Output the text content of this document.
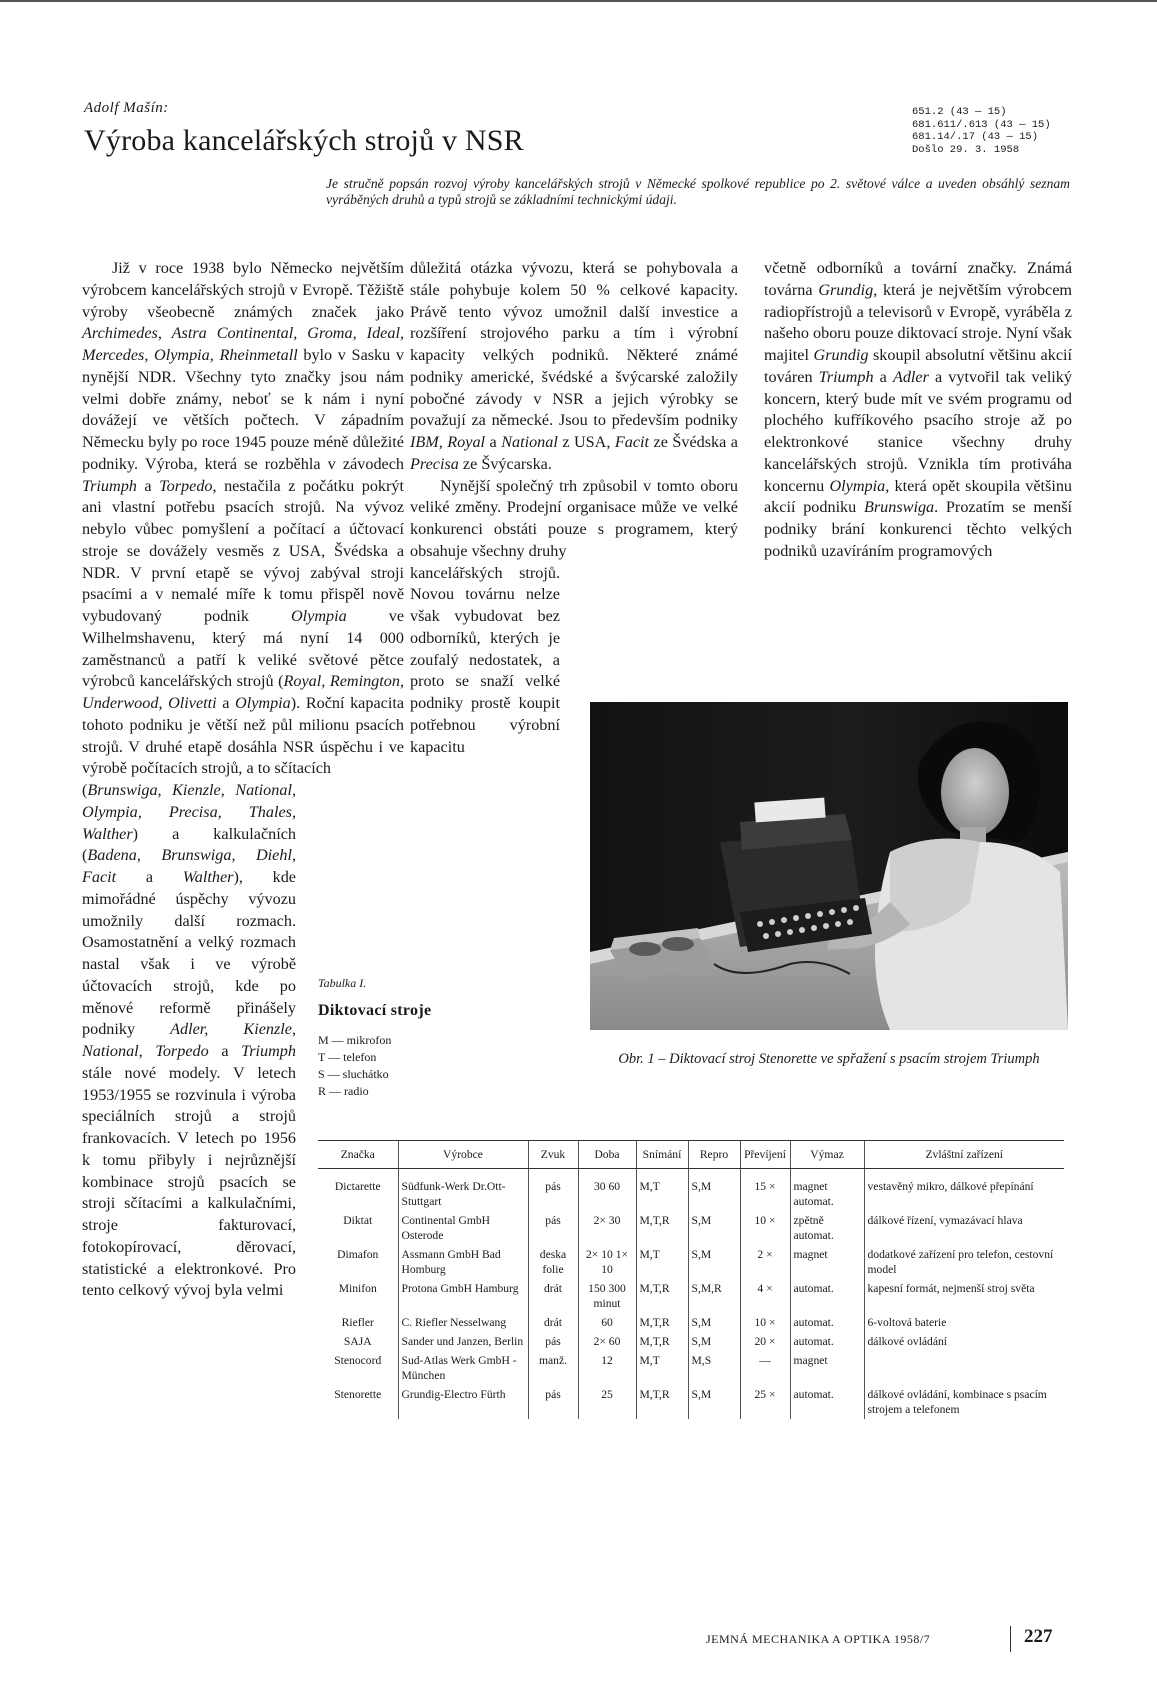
Adolf Mašín:
Výroba kancelářských strojů v NSR
651.2 (43 — 15)
681.611/.613 (43 — 15)
681.14/.17 (43 — 15)
Došlo 29. 3. 1958
Je stručně popsán rozvoj výroby kancelářských strojů v Německé spolkové republice po 2. světové válce a uveden obsáhlý seznam vyráběných druhů a typů strojů se základními technickými údaji.

Již v roce 1938 bylo Německo největším výrobcem kancelářských strojů v Evropě. Těžiště výroby všeobecně známých značek jako Archimedes, Astra Continental, Groma, Ideal, Mercedes, Olympia, Rheinmetall bylo v Sasku v nynější NDR. Všechny tyto značky jsou nám velmi dobře známy, neboť se k nám i nyní dovážejí ve větších počtech. V západním Německu byly po roce 1945 pouze méně důležité podniky. Výroba, která se rozběhla v závodech Triumph a Torpedo, nestačila z počátku pokrýt ani vlastní potřebu psacích strojů. Na vývoz nebylo vůbec pomyšlení a počítací a účtovací stroje se dovážely vesměs z USA, Švédska a NDR. V první etapě se vývoj zabýval stroji psacími a v nemalé míře k tomu přispěl nově vybudovaný podnik Olympia ve Wilhelmshavenu, který má nyní 14 000 zaměstnanců a patří k veliké světové pětce výrobců kancelářských strojů (Royal, Remington, Underwood, Olivetti a Olympia). Roční kapacita tohoto podniku je větší než půl milionu psacích strojů. V druhé etapě dosáhla NSR úspěchu i ve výrobě počítacích strojů, a to sčítacích

(Brunswiga, Kienzle, National, Olympia, Precisa, Thales, Walther) a kalkulačních (Badena, Brunswiga, Diehl, Facit a Walther), kde mimořádné úspěchy vývozu umožnily další rozmach. Osamostatnění a velký rozmach nastal však i ve výrobě účtovacích strojů, kde po měnové reformě přinášely podniky Adler, Kienzle, National, Torpedo a Triumph stále nové modely. V letech 1953/1955 se rozvinula i výroba speciálních strojů a strojů frankovacích. V letech po 1956 k tomu přibyly i nejrůznější kombinace strojů psacích se stroji sčítacími a kalkulačními, stroje fakturovací, fotokopírovací, děrovací, statistické a elektronkové. Pro tento celkový vývoj byla velmi

důležitá otázka vývozu, která se pohybovala a stále pohybuje kolem 50 % celkové kapacity. Právě tento vývoz umožnil další investice a rozšíření strojového parku a tím i výrobní kapacity velkých podniků. Některé známé podniky americké, švédské a švýcarské založily pobočné závody v NSR a jejich výrobky se považují za německé. Jsou to především podniky IBM, Royal a National z USA, Facit ze Švédska a Precisa ze Švýcarska.

Nynější společný trh způsobil v tomto oboru veliké změny. Prodejní organisace může ve velké konkurenci obstáti pouze s programem, který obsahuje všechny druhy

kancelářských strojů. Novou továrnu nelze však vybudovat bez odborníků, kterých je zoufalý nedostatek, a proto se snaží velké podniky prostě koupit potřebnou výrobní kapacitu

včetně odborníků a tovární značky. Známá továrna Grundig, která je největším výrobcem radiopřístrojů a televisorů v Evropě, vyráběla z našeho oboru pouze diktovací stroje. Nyní však majitel Grundig skoupil absolutní většinu akcií továren Triumph a Adler a vytvořil tak veliký koncern, který bude mít ve svém programu od plochého kufříkového psacího stroje až po elektronkové stanice všechny druhy kancelářských strojů. Vznikla tím protiváha koncernu Olympia, která opět skoupila většinu akcií podniku Brunswiga. Prozatím se menší podniky brání konkurenci těchto velkých podniků uzavíráním programových

Obr. 1 – Diktovací stroj Stenorette ve spřažení s psacím strojem Triumph
Tabulka I.
Diktovací stroje
M — mikrofon
T — telefon
S — sluchátko
R — radio
Značka	Výrobce	Zvuk	Doba	Snímání	Repro	Převíjení	Výmaz	Zvláštní zařízení
Dictarette	Südfunk-Werk Dr.Ott-Stuttgart	pás	30 60	M,T	S,M	15 ×	magnet automat.	vestavěný mikro, dálkové přepínání
Diktat	Continental GmbH Osterode	pás	2× 30	M,T,R	S,M	10 ×	zpětně automat.	dálkové řízení, vymazávací hlava
Dimafon	Assmann GmbH Bad Homburg	deska folie	2× 10 1× 10	M,T	S,M	2 ×	magnet	dodatkové zařízení pro telefon, cestovní model
Minifon	Protona GmbH Hamburg	drát	150 300 minut	M,T,R	S,M,R	4 ×	automat.	kapesní formát, nejmenší stroj světa
Riefler	C. Riefler Nesselwang	drát	60	M,T,R	S,M	10 ×	automat.	6-voltová baterie
SAJA	Sander und Janzen, Berlin	pás	2× 60	M,T,R	S,M	20 ×	automat.	dálkové ovládání
Stenocord	Sud-Atlas Werk GmbH - München	manž.	12	M,T	M,S	—	magnet	
Stenorette	Grundig-Electro Fürth	pás	25	M,T,R	S,M	25 ×	automat.	dálkové ovládání, kombinace s psacím strojem a telefonem
JEMNÁ MECHANIKA A OPTIKA 1958/7	227
